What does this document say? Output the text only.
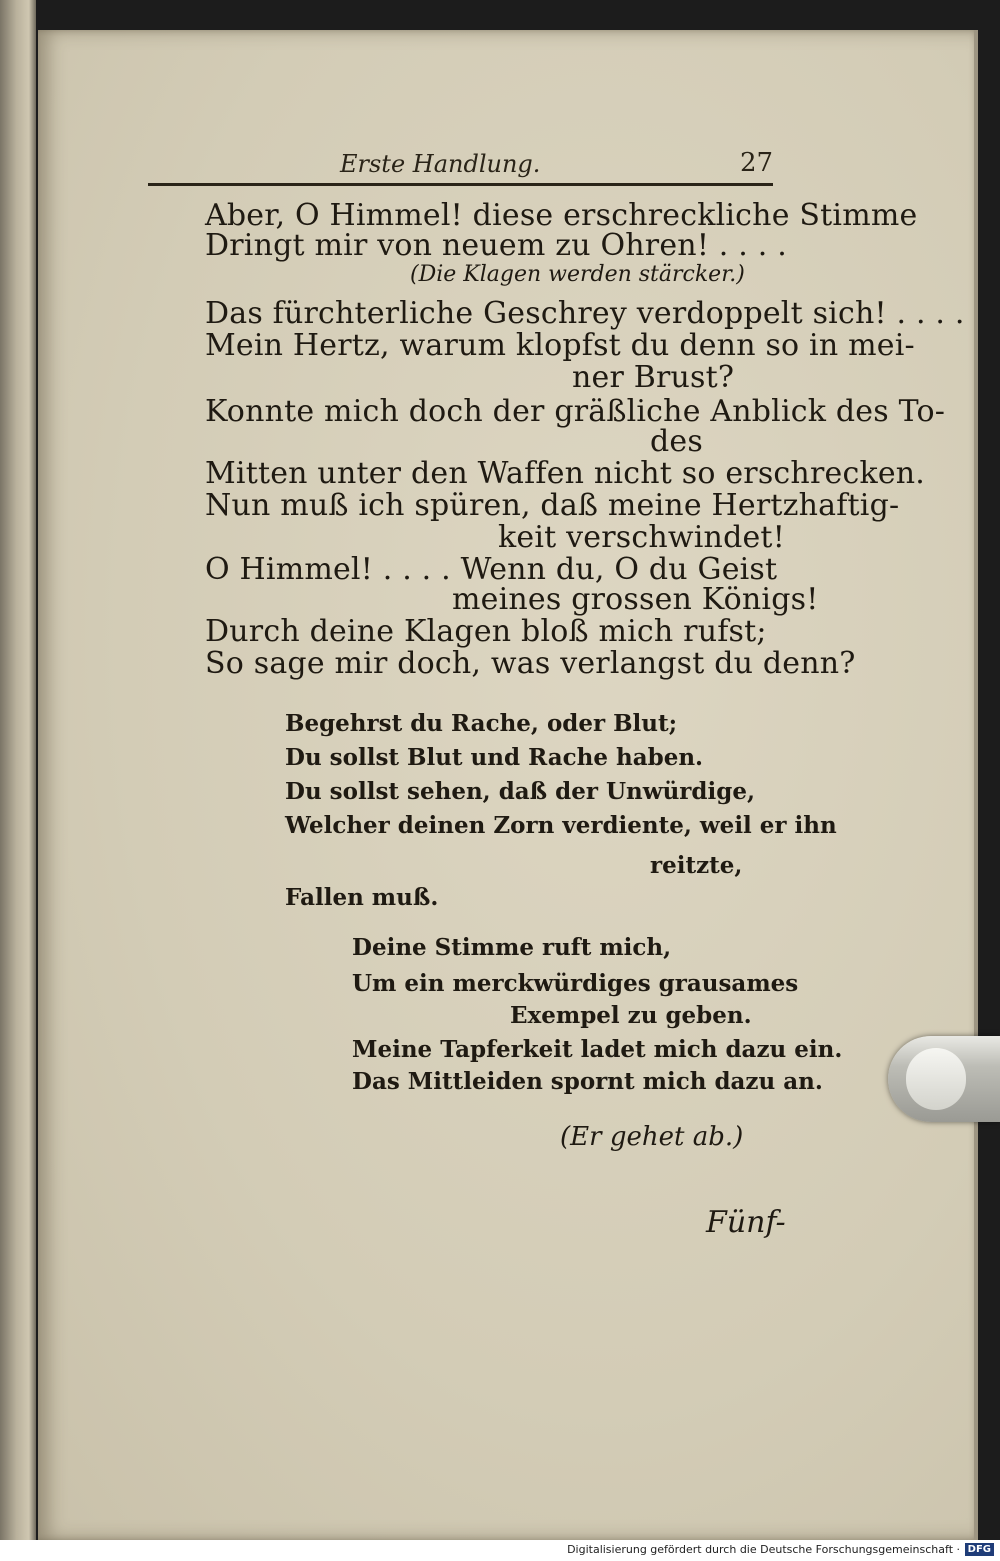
Erste Handlung.	27
Aber, O Himmel! diese erschreckliche Stimme
Dringt mir von neuem zu Ohren! . . . .
(Die Klagen werden stärcker.)
Das fürchterliche Geschrey verdoppelt sich! . . . .
Mein Hertz, warum klopfst du denn so in mei-
ner Brust?
Konnte mich doch der gräßliche Anblick des To-
des
Mitten unter den Waffen nicht so erschrecken.
Nun muß ich spüren, daß meine Hertzhaftig-
keit verschwindet!
O Himmel! . . . . Wenn du, O du Geist
meines grossen Königs!
Durch deine Klagen bloß mich rufst;
So sage mir doch, was verlangst du denn?
Begehrst du Rache, oder Blut;
Du sollst Blut und Rache haben.
Du sollst sehen, daß der Unwürdige,
Welcher deinen Zorn verdiente, weil er ihn
reitzte,
Fallen muß.
Deine Stimme ruft mich,
Um ein merckwürdiges grausames
Exempel zu geben.
Meine Tapferkeit ladet mich dazu ein.
Das Mittleiden spornt mich dazu an.
(Er gehet ab.)
Fünf-
Digitalisierung gefördert durch die Deutsche Forschungsgemeinschaft · DFG
